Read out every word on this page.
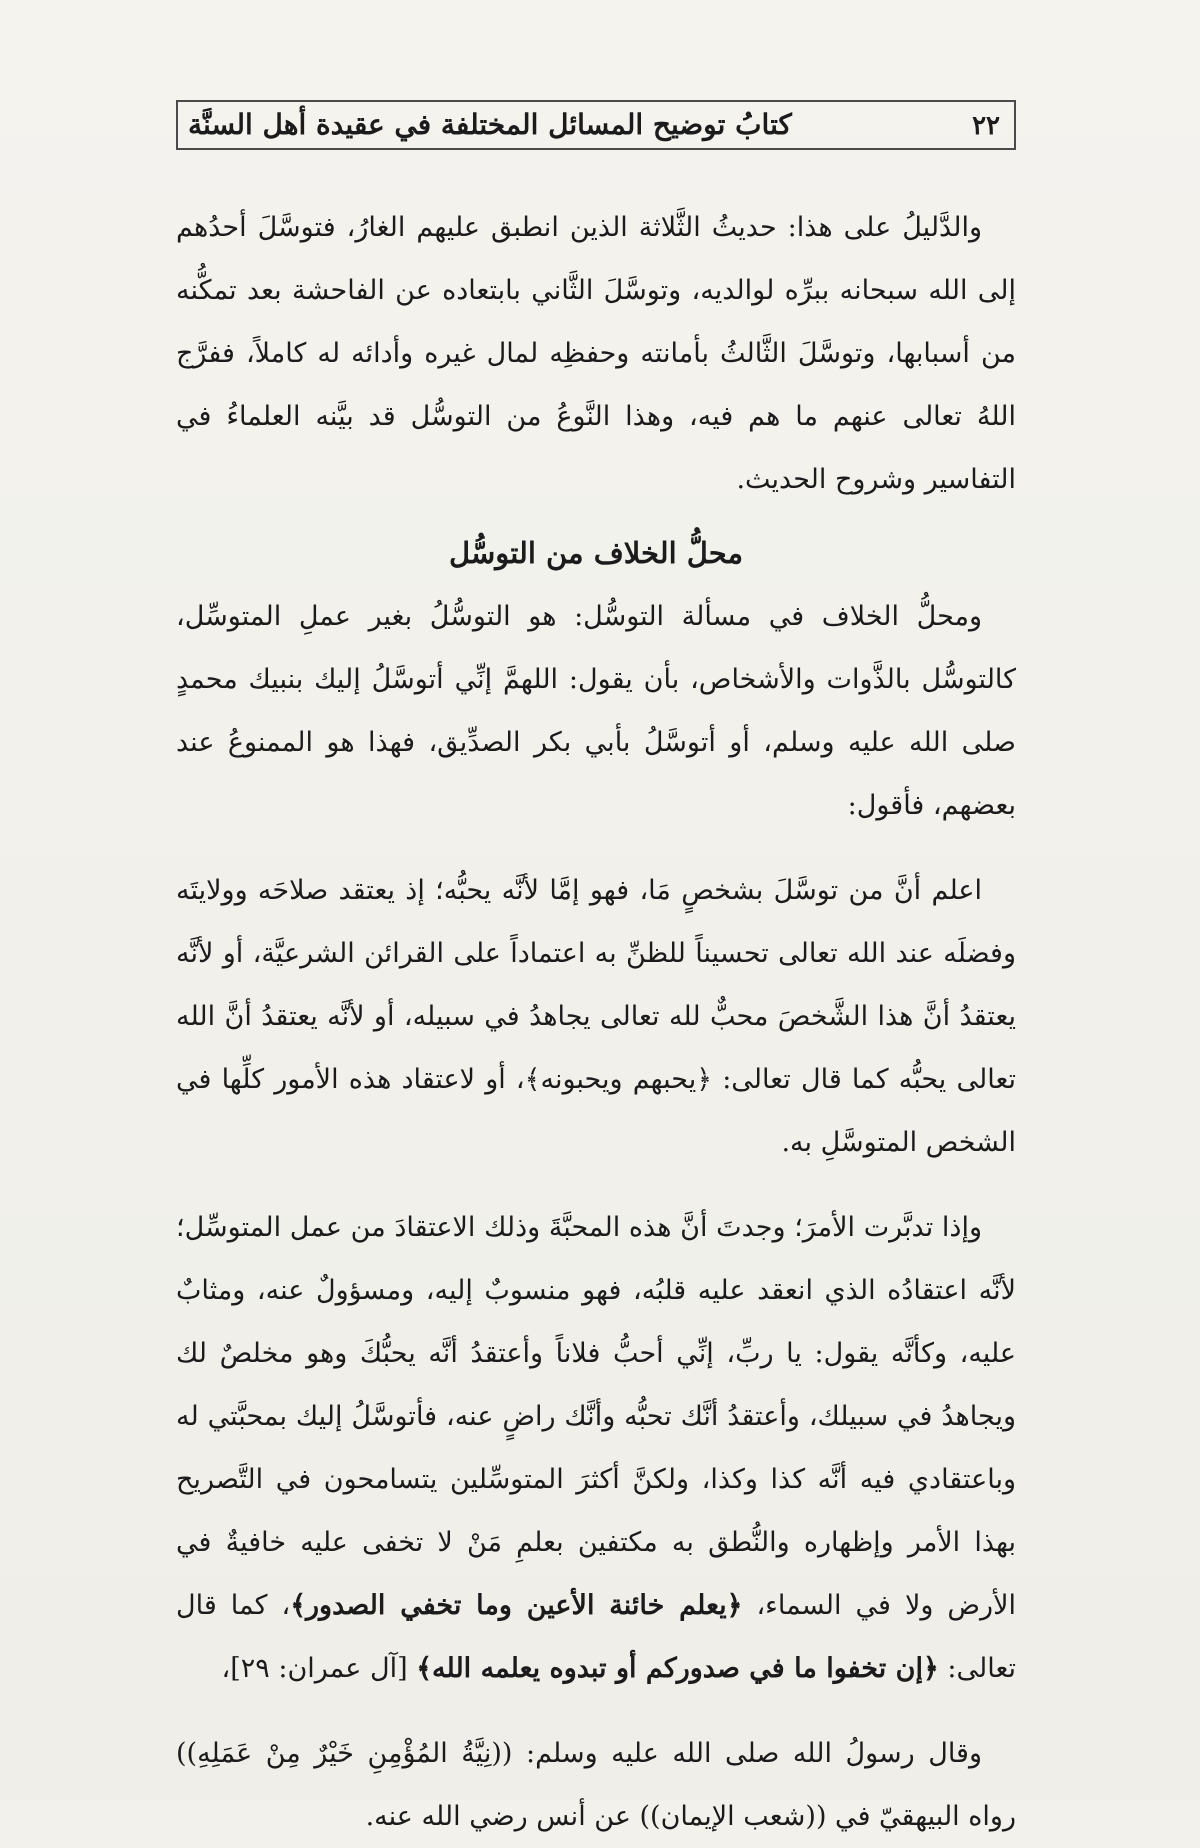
٢٢
كتابُ توضيح المسائل المختلفة في عقيدة أهل السنَّة

والدَّليلُ على هذا: حديثُ الثَّلاثة الذين انطبق عليهم الغارُ، فتوسَّلَ أحدُهم إلى الله سبحانه ببرِّه لوالديه، وتوسَّلَ الثَّاني بابتعاده عن الفاحشة بعد تمكُّنه من أسبابها، وتوسَّلَ الثَّالثُ بأمانته وحفظِه لمال غيره وأدائه له كاملاً، ففرَّج اللهُ تعالى عنهم ما هم فيه، وهذا النَّوعُ من التوسُّل قد بيَّنه العلماءُ في التفاسير وشروح الحديث.

محلُّ الخلاف من التوسُّل

ومحلُّ الخلاف في مسألة التوسُّل: هو التوسُّلُ بغير عملِ المتوسِّل، كالتوسُّل بالذَّوات والأشخاص، بأن يقول: اللهمَّ إنِّي أتوسَّلُ إليك بنبيك محمدٍ صلى الله عليه وسلم، أو أتوسَّلُ بأبي بكر الصدِّيق، فهذا هو الممنوعُ عند بعضهم، فأقول:

اعلم أنَّ من توسَّلَ بشخصٍ مَا، فهو إمَّا لأنَّه يحبُّه؛ إذ يعتقد صلاحَه وولايتَه وفضلَه عند الله تعالى تحسيناً للظنِّ به اعتماداً على القرائن الشرعيَّة، أو لأنَّه يعتقدُ أنَّ هذا الشَّخصَ محبٌّ لله تعالى يجاهدُ في سبيله، أو لأنَّه يعتقدُ أنَّ الله تعالى يحبُّه كما قال تعالى: ﴿يحبهم ويحبونه﴾، أو لاعتقاد هذه الأمور كلِّها في الشخص المتوسَّلِ به.

وإذا تدبَّرت الأمرَ؛ وجدتَ أنَّ هذه المحبَّةَ وذلك الاعتقادَ من عمل المتوسِّل؛ لأنَّه اعتقادُه الذي انعقد عليه قلبُه، فهو منسوبٌ إليه، ومسؤولٌ عنه، ومثابٌ عليه، وكأنَّه يقول: يا ربِّ، إنِّي أحبُّ فلاناً وأعتقدُ أنَّه يحبُّكَ وهو مخلصٌ لك ويجاهدُ في سبيلك، وأعتقدُ أنَّك تحبُّه وأنَّك راضٍ عنه، فأتوسَّلُ إليك بمحبَّتي له وباعتقادي فيه أنَّه كذا وكذا، ولكنَّ أكثرَ المتوسِّلين يتسامحون في التَّصريح بهذا الأمر وإظهاره والنُّطق به مكتفين بعلمِ مَنْ لا تخفى عليه خافيةٌ في الأرض ولا في السماء، ﴿يعلم خائنة الأعين وما تخفي الصدور﴾، كما قال تعالى: ﴿إن تخفوا ما في صدوركم أو تبدوه يعلمه الله﴾ [آل عمران: ٢٩]،

وقال رسولُ الله صلى الله عليه وسلم: ((نِيَّةُ المُؤْمِنِ خَيْرٌ مِنْ عَمَلِهِ)) رواه البيهقيّ في ((شعب الإيمان)) عن أنس رضي الله عنه.
